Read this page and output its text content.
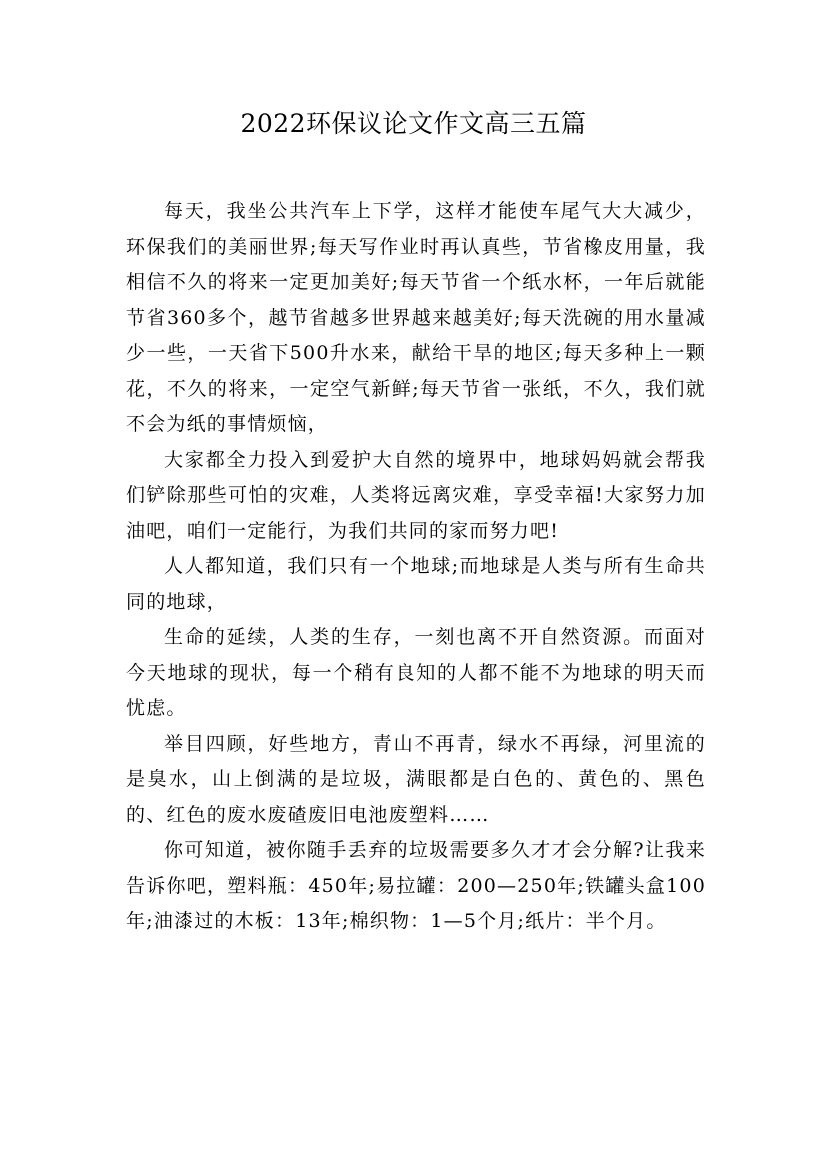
2022环保议论文作文高三五篇

每天，我坐公共汽车上下学，这样才能使车尾气大大减少，环保我们的美丽世界;每天写作业时再认真些，节省橡皮用量，我相信不久的将来一定更加美好;每天节省一个纸水杯，一年后就能节省360多个，越节省越多世界越来越美好;每天洗碗的用水量减少一些，一天省下500升水来，献给干旱的地区;每天多种上一颗花，不久的将来，一定空气新鲜;每天节省一张纸，不久，我们就不会为纸的事情烦恼，

大家都全力投入到爱护大自然的境界中，地球妈妈就会帮我们铲除那些可怕的灾难，人类将远离灾难，享受幸福!大家努力加油吧，咱们一定能行，为我们共同的家而努力吧!

人人都知道，我们只有一个地球;而地球是人类与所有生命共同的地球，

生命的延续，人类的生存，一刻也离不开自然资源。而面对今天地球的现状，每一个稍有良知的人都不能不为地球的明天而忧虑。

举目四顾，好些地方，青山不再青，绿水不再绿，河里流的是臭水，山上倒满的是垃圾，满眼都是白色的、黄色的、黑色的、红色的废水废碴废旧电池废塑料……

你可知道，被你随手丢弃的垃圾需要多久才才会分解?让我来告诉你吧，塑料瓶：450年;易拉罐：200—250年;铁罐头盒100年;油漆过的木板：13年;棉织物：1—5个月;纸片：半个月。
